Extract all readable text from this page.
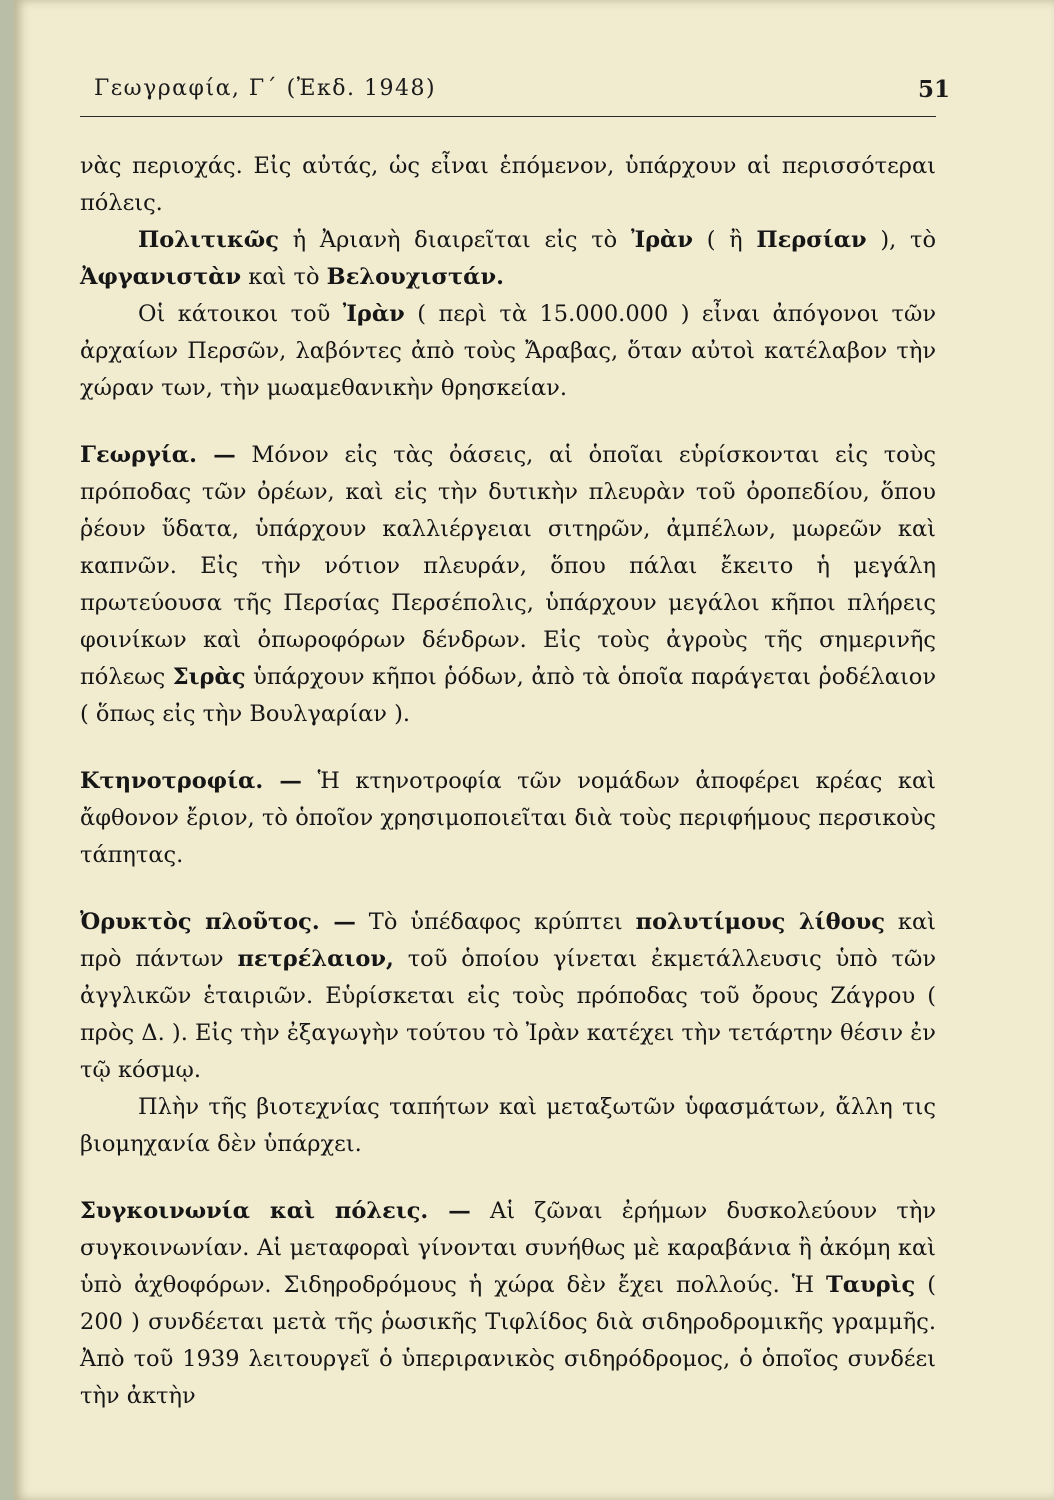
Γεωγραφία, Γ΄ (Ἐκδ. 1948)	51

νὰς περιοχάς. Εἰς αὐτάς, ὡς εἶναι ἑπόμενον, ὑπάρχουν αἱ περισσότεραι πόλεις.

Πολιτικῶς ἡ Ἀριανὴ διαιρεῖται εἰς τὸ Ἰρὰν ( ἢ Περσίαν ), τὸ Ἀφγανιστὰν καὶ τὸ Βελουχιστάν.

Οἱ κάτοικοι τοῦ Ἰρὰν ( περὶ τὰ 15.000.000 ) εἶναι ἀπόγονοι τῶν ἀρχαίων Περσῶν, λαβόντες ἀπὸ τοὺς Ἄραβας, ὅταν αὐτοὶ κατέλαβον τὴν χώραν των, τὴν μωαμεθανικὴν θρησκείαν.

Γεωργία. — Μόνον εἰς τὰς ὀάσεις, αἱ ὁποῖαι εὑρίσκονται εἰς τοὺς πρόποδας τῶν ὀρέων, καὶ εἰς τὴν δυτικὴν πλευρὰν τοῦ ὀροπεδίου, ὅπου ῥέουν ὕδατα, ὑπάρχουν καλλιέργειαι σιτηρῶν, ἀμπέλων, μωρεῶν καὶ καπνῶν. Εἰς τὴν νότιον πλευράν, ὅπου πάλαι ἔκειτο ἡ μεγάλη πρωτεύουσα τῆς Περσίας Περσέπολις, ὑπάρχουν μεγάλοι κῆποι πλήρεις φοινίκων καὶ ὀπωροφόρων δένδρων. Εἰς τοὺς ἀγροὺς τῆς σημερινῆς πόλεως Σιρὰς ὑπάρχουν κῆποι ῥόδων, ἀπὸ τὰ ὁποῖα παράγεται ῥοδέλαιον ( ὅπως εἰς τὴν Βουλγαρίαν ).

Κτηνοτροφία. — Ἡ κτηνοτροφία τῶν νομάδων ἀποφέρει κρέας καὶ ἄφθονον ἔριον, τὸ ὁποῖον χρησιμοποιεῖται διὰ τοὺς περιφήμους περσικοὺς τάπητας.

Ὀρυκτὸς πλοῦτος. — Τὸ ὑπέδαφος κρύπτει πολυτίμους λίθους καὶ πρὸ πάντων πετρέλαιον, τοῦ ὁποίου γίνεται ἐκμετάλλευσις ὑπὸ τῶν ἀγγλικῶν ἑταιριῶν. Εὑρίσκεται εἰς τοὺς πρόποδας τοῦ ὄρους Ζάγρου ( πρὸς Δ. ). Εἰς τὴν ἐξαγωγὴν τούτου τὸ Ἰρὰν κατέχει τὴν τετάρτην θέσιν ἐν τῷ κόσμῳ.

Πλὴν τῆς βιοτεχνίας ταπήτων καὶ μεταξωτῶν ὑφασμάτων, ἄλλη τις βιομηχανία δὲν ὑπάρχει.

Συγκοινωνία καὶ πόλεις. — Αἱ ζῶναι ἐρήμων δυσκολεύουν τὴν συγκοινωνίαν. Αἱ μεταφοραὶ γίνονται συνήθως μὲ καραβάνια ἢ ἀκόμη καὶ ὑπὸ ἀχθοφόρων. Σιδηροδρόμους ἡ χώρα δὲν ἔχει πολλούς. Ἡ Ταυρὶς ( 200 ) συνδέεται μετὰ τῆς ῥωσικῆς Τιφλίδος διὰ σιδηροδρομικῆς γραμμῆς. Ἀπὸ τοῦ 1939 λειτουργεῖ ὁ ὑπεριρανικὸς σιδηρόδρομος, ὁ ὁποῖος συνδέει τὴν ἀκτὴν
